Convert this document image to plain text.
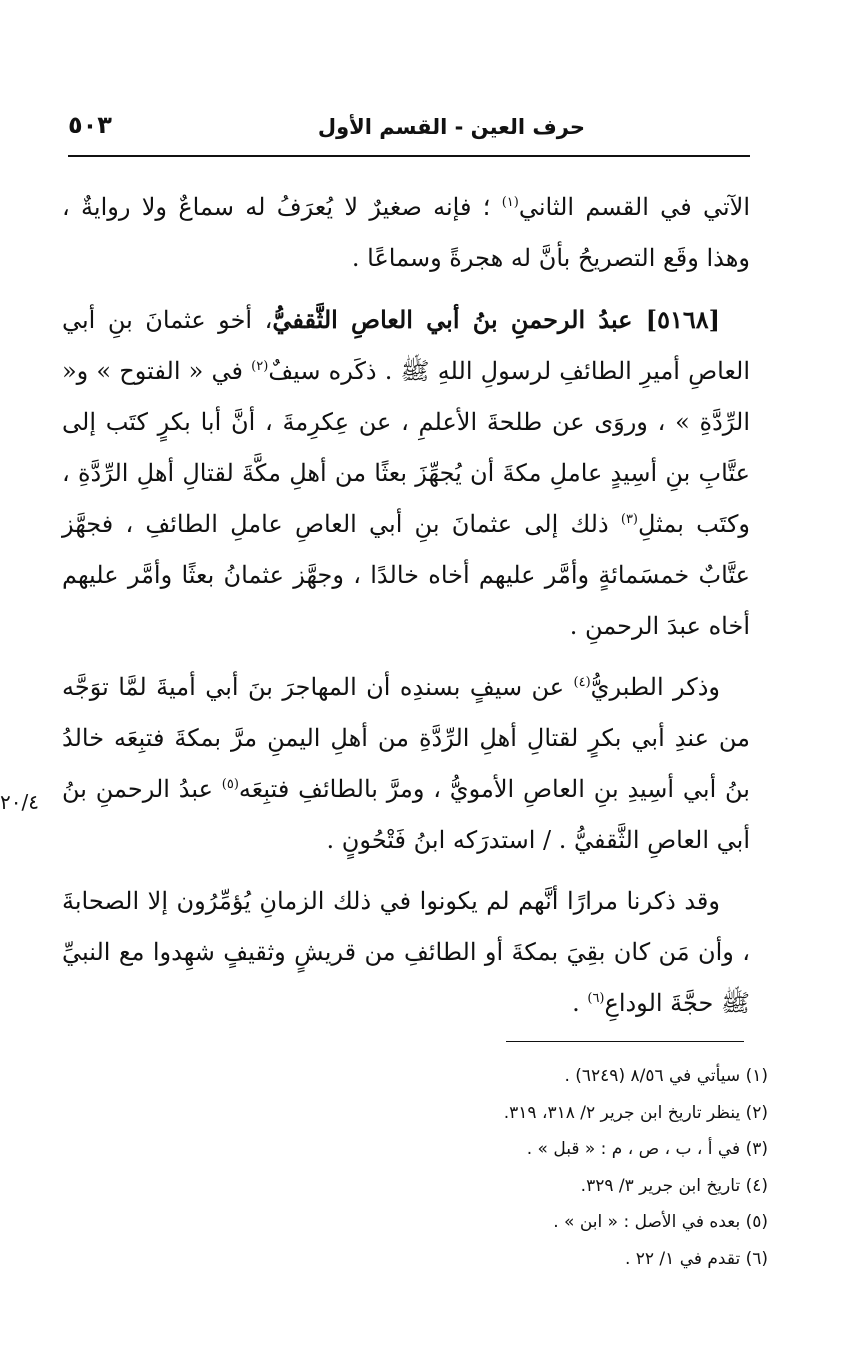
حرف العين - القسم الأول
٥٠٣

الآتي في القسم الثاني$^{(١)}$ ؛ فإنه صغيرٌ لا يُعرَفُ له سماعٌ ولا روايةٌ ، وهذا وقَع التصريحُ بأنَّ له هجرةً وسماعًا .

[٥١٦٨] عبدُ الرحمنِ بنُ أبي العاصِ الثَّقفيُّ، أخو عثمانَ بنِ أبي العاصِ أميرِ الطائفِ لرسولِ اللهِ ﷺ . ذكَره سيفٌ$^{(٢)}$ في « الفتوح » و« الرِّدَّةِ » ، وروَى عن طلحةَ الأعلمِ ، عن عِكرِمةَ ، أنَّ أبا بكرٍ كتَب إلى عتَّابِ بنِ أسِيدٍ عاملِ مكةَ أن يُجهِّزَ بعثًا من أهلِ مكَّةَ لقتالِ أهلِ الرِّدَّةِ ، وكتَب بمثلِ$^{(٣)}$ ذلك إلى عثمانَ بنِ أبي العاصِ عاملِ الطائفِ ، فجهَّز عتَّابٌ خمسَمائةٍ وأمَّر عليهم أخاه خالدًا ، وجهَّز عثمانُ بعثًا وأمَّر عليهم أخاه عبدَ الرحمنِ .

وذكر الطبريُّ$^{(٤)}$ عن سيفٍ بسندِه أن المهاجرَ بنَ أبي أميةَ لمَّا توَجَّه من عندِ أبي بكرٍ لقتالِ أهلِ الرِّدَّةِ من أهلِ اليمنِ مرَّ بمكةَ فتبِعَه خالدُ بنُ أبي أسِيدِ بنِ العاصِ الأمويُّ ، ومرَّ بالطائفِ فتبِعَه$^{(٥)}$ عبدُ الرحمنِ بنُ أبي العاصِ الثَّقفيُّ . / استدرَكه ابنُ فَتْحُونٍ .

وقد ذكرنا مرارًا أنَّهم لم يكونوا في ذلك الزمانِ يُؤمِّرُون إلا الصحابةَ ، وأن مَن كان بقِيَ بمكةَ أو الطائفِ من قريشٍ وثقيفٍ شهِدوا مع النبيِّ ﷺ حجَّةَ الوداعِ$^{(٦)}$ .

٢٠/٤
(١) سيأتي في ٨/٥٦ (٦٢٤٩) .
(٢) ينظر تاريخ ابن جرير ٢/ ٣١٨، ٣١٩.
(٣) في أ ، ب ، ص ، م : « قبل » .
(٤) تاريخ ابن جرير ٣/ ٣٢٩.
(٥) بعده في الأصل : « ابن » .
(٦) تقدم في ١/ ٢٢ .
